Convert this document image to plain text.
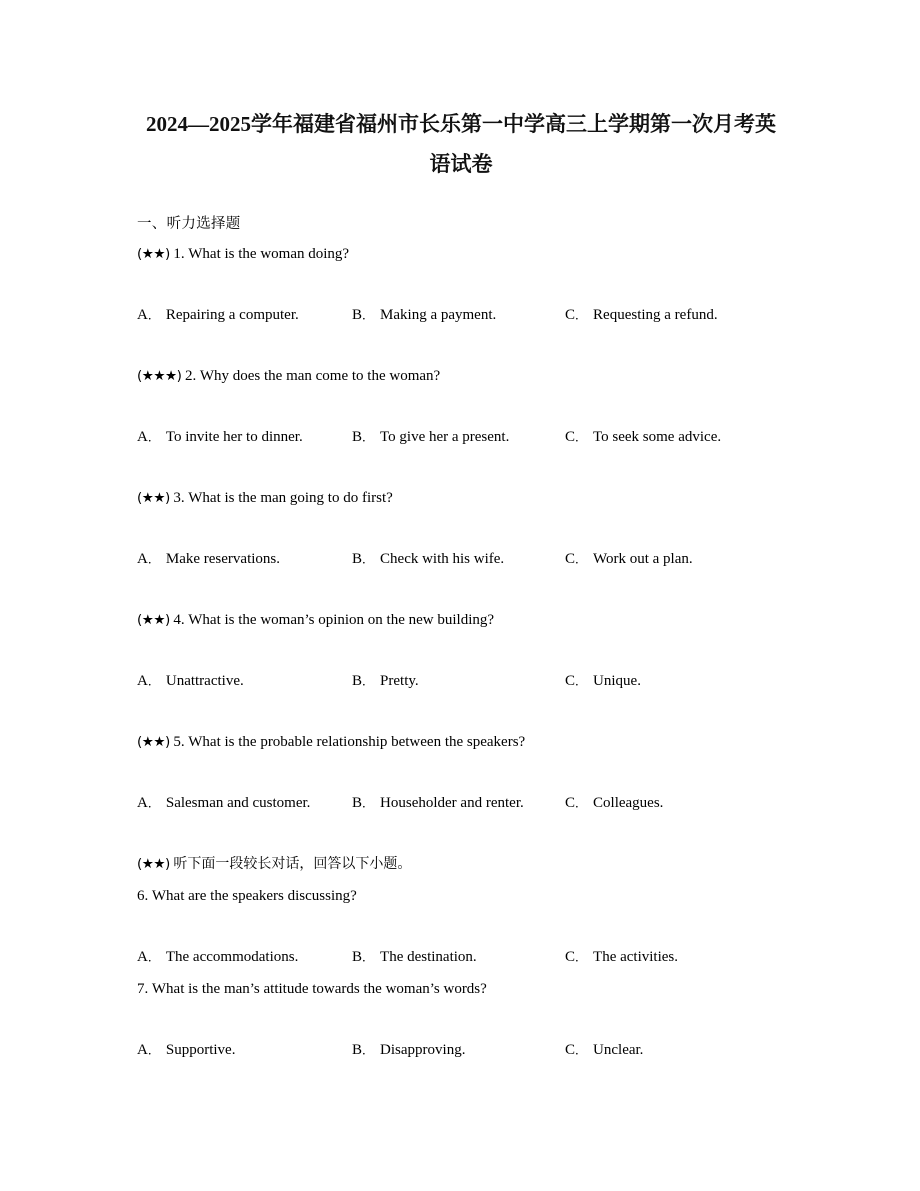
2024—2025学年福建省福州市长乐第一中学高三上学期第一次月考英语试卷
一、听力选择题
(★★) 1. What is the woman doing?
A． Repairing a computer.	B． Making a payment.	C． Requesting a refund.
(★★★) 2. Why does the man come to the woman?
A． To invite her to dinner.	B． To give her a present.	C． To seek some advice.
(★★) 3. What is the man going to do first?
A． Make reservations.	B． Check with his wife.	C． Work out a plan.
(★★) 4. What is the woman’s opinion on the new building?
A． Unattractive.	B． Pretty.	C． Unique.
(★★) 5. What is the probable relationship between the speakers?
A． Salesman and customer.	B． Householder and renter.	C． Colleagues.
(★★) 听下面一段较长对话，回答以下小题。
6. What are the speakers discussing?
A． The accommodations.	B． The destination.	C． The activities.
7. What is the man’s attitude towards the woman’s words?
A． Supportive.	B． Disapproving.	C． Unclear.
